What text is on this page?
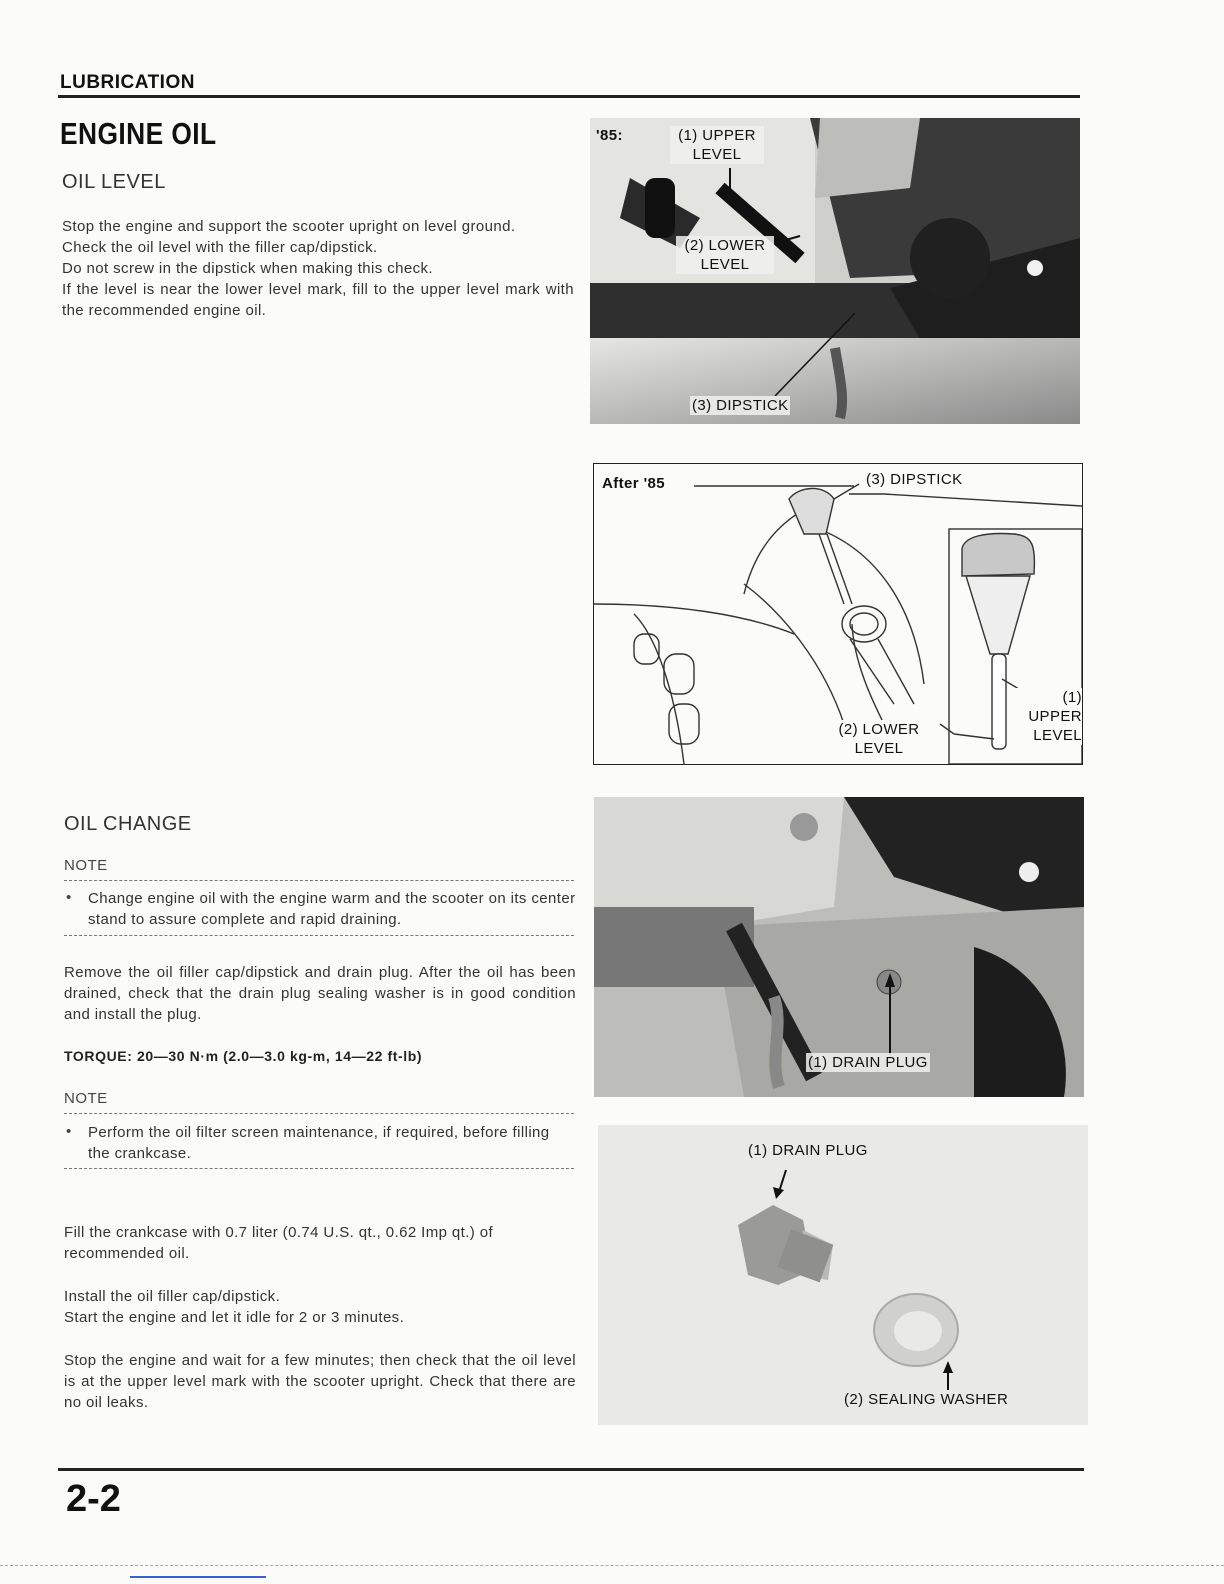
LUBRICATION
ENGINE OIL
OIL LEVEL
Stop the engine and support the scooter upright on level ground.
Check the oil level with the filler cap/dipstick.
Do not screw in the dipstick when making this check.
If the level is near the lower level mark, fill to the upper level mark with the recommended engine oil.
OIL CHANGE
NOTE
• Change engine oil with the engine warm and the scooter on its center stand to assure complete and rapid draining.
Remove the oil filler cap/dipstick and drain plug. After the oil has been drained, check that the drain plug sealing washer is in good condition and install the plug.
TORQUE: 20—30 N·m (2.0—3.0 kg-m, 14—22 ft-lb)
NOTE
• Perform the oil filter screen maintenance, if required, before filling the crankcase.
Fill the crankcase with 0.7 liter (0.74 U.S. qt., 0.62 Imp qt.) of recommended oil.
Install the oil filler cap/dipstick.
Start the engine and let it idle for 2 or 3 minutes.
Stop the engine and wait for a few minutes; then check that the oil level is at the upper level mark with the scooter upright. Check that there are no oil leaks.
'85:	(1) UPPER LEVEL
(2) LOWER LEVEL
(3) DIPSTICK
After '85	(3) DIPSTICK
(1) UPPER LEVEL
(2) LOWER LEVEL
(1) DRAIN PLUG
(1) DRAIN PLUG
(2) SEALING WASHER
2-2
